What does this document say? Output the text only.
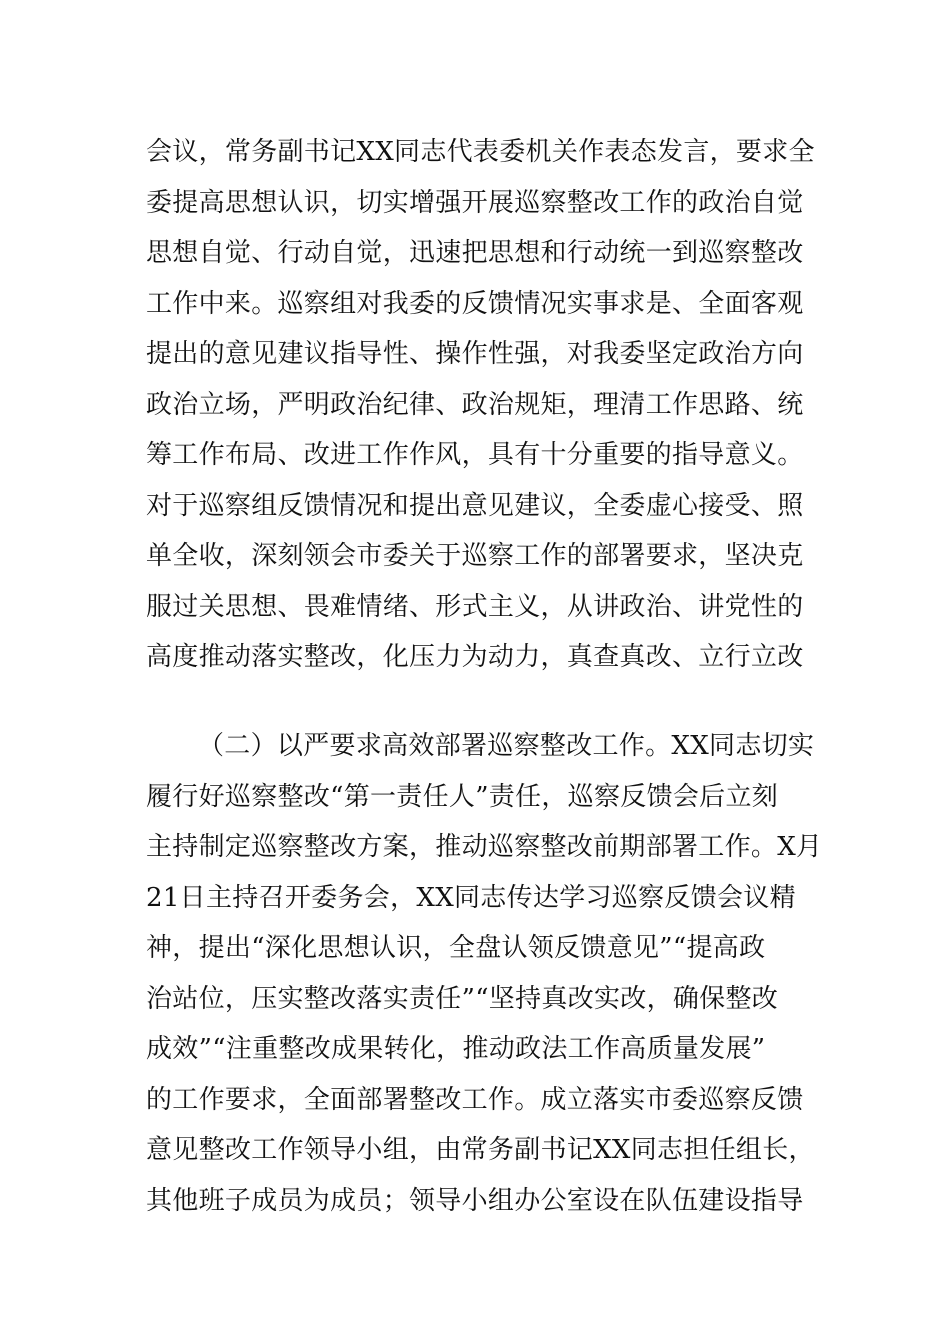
会议，常务副书记XX同志代表委机关作表态发言，要求全
委提高思想认识，切实增强开展巡察整改工作的政治自觉
思想自觉、行动自觉，迅速把思想和行动统一到巡察整改
工作中来。巡察组对我委的反馈情况实事求是、全面客观
提出的意见建议指导性、操作性强，对我委坚定政治方向
政治立场，严明政治纪律、政治规矩，理清工作思路、统
筹工作布局、改进工作作风，具有十分重要的指导意义。
对于巡察组反馈情况和提出意见建议，全委虚心接受、照
单全收，深刻领会市委关于巡察工作的部署要求，坚决克
服过关思想、畏难情绪、形式主义，从讲政治、讲党性的
高度推动落实整改，化压力为动力，真查真改、立行立改
（二）以严要求高效部署巡察整改工作。XX同志切实
履行好巡察整改“第一责任人”责任，巡察反馈会后立刻
主持制定巡察整改方案，推动巡察整改前期部署工作。X月
21日主持召开委务会，XX同志传达学习巡察反馈会议精
神，提出“深化思想认识，全盘认领反馈意见”“提高政
治站位，压实整改落实责任”“坚持真改实改，确保整改
成效”“注重整改成果转化，推动政法工作高质量发展”
的工作要求，全面部署整改工作。成立落实市委巡察反馈
意见整改工作领导小组，由常务副书记XX同志担任组长，
其他班子成员为成员；领导小组办公室设在队伍建设指导
